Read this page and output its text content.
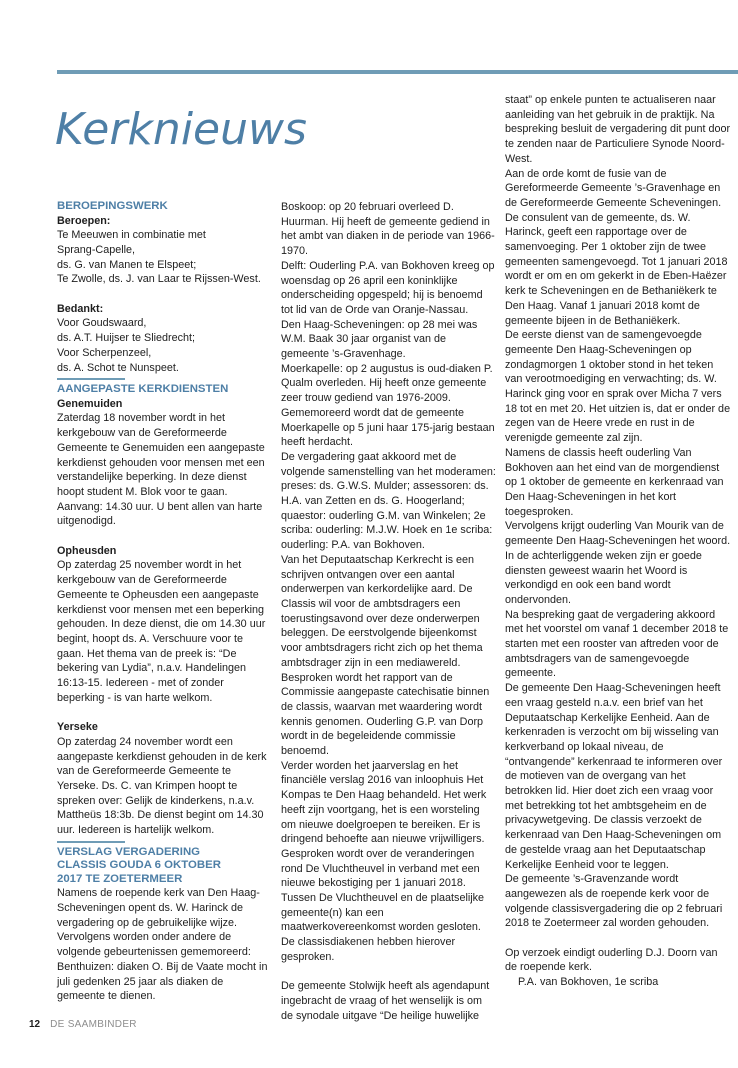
Kerknieuws

BEROEPINGSWERK

Beroepen:

Te Meeuwen in combinatie met

Sprang-Capelle,

ds. G. van Manen te Elspeet;

Te Zwolle, ds. J. van Laar te Rijssen-West.

Bedankt:

Voor Goudswaard,

ds. A.T. Huijser te Sliedrecht;

Voor Scherpenzeel,

ds. A. Schot te Nunspeet.

AANGEPASTE KERKDIENSTEN

Genemuiden

Zaterdag 18 november wordt in het kerkgebouw van de Gereformeerde Gemeente te Genemuiden een aangepaste kerkdienst gehouden voor mensen met een verstandelijke beperking. In deze dienst hoopt student M. Blok voor te gaan. Aanvang: 14.30 uur. U bent allen van harte uitgenodigd.

Opheusden

Op zaterdag 25 november wordt in het kerkgebouw van de Gereformeerde Gemeente te Opheusden een aangepaste kerkdienst voor mensen met een beperking gehouden. In deze dienst, die om 14.30 uur begint, hoopt ds. A. Verschuure voor te gaan. Het thema van de preek is: “De bekering van Lydia”, n.a.v. Handelingen 16:13-15. Iedereen - met of zonder beperking - is van harte welkom.

Yerseke

Op zaterdag 24 november wordt een aangepaste kerkdienst gehouden in de kerk van de Gereformeerde Gemeente te Yerseke. Ds. C. van Krimpen hoopt te spreken over: Gelijk de kinderkens, n.a.v. Mattheüs 18:3b. De dienst begint om 14.30 uur. Iedereen is hartelijk welkom.

VERSLAG VERGADERING

CLASSIS GOUDA 6 OKTOBER

2017 TE ZOETERMEER

Namens de roepende kerk van Den Haag-Scheveningen opent ds. W. Harinck de vergadering op de gebruikelijke wijze. Vervolgens worden onder andere de volgende gebeurtenissen gememoreerd:

Benthuizen: diaken O. Bij de Vaate mocht in juli gedenken 25 jaar als diaken de gemeente te dienen.

Boskoop: op 20 februari overleed D. Huurman. Hij heeft de gemeente gediend in het ambt van diaken in de periode van 1966-1970.

Delft: Ouderling P.A. van Bokhoven kreeg op woensdag op 26 april een koninklijke onderscheiding opgespeld; hij is benoemd tot lid van de Orde van Oranje-Nassau.

Den Haag-Scheveningen: op 28 mei was W.M. Baak 30 jaar organist van de gemeente ’s-Gravenhage.

Moerkapelle: op 2 augustus is oud-diaken P. Qualm overleden. Hij heeft onze gemeente zeer trouw gediend van 1976-2009.

Gememoreerd wordt dat de gemeente Moerkapelle op 5 juni haar 175-jarig bestaan heeft herdacht.

De vergadering gaat akkoord met de volgende samenstelling van het moderamen: preses: ds. G.W.S. Mulder; assessoren: ds. H.A. van Zetten en ds. G. Hoogerland; quaestor: ouderling G.M. van Winkelen; 2e scriba: ouderling: M.J.W. Hoek en 1e scriba: ouderling: P.A. van Bokhoven.

Van het Deputaatschap Kerkrecht is een schrijven ontvangen over een aantal onderwerpen van kerkordelijke aard. De Classis wil voor de ambtsdragers een toerustingsavond over deze onderwerpen beleggen. De eerstvolgende bijeenkomst voor ambtsdragers richt zich op het thema ambtsdrager zijn in een mediawereld.

Besproken wordt het rapport van de Commissie aangepaste catechisatie binnen de classis, waarvan met waardering wordt kennis genomen. Ouderling G.P. van Dorp wordt in de begeleidende commissie benoemd.

Verder worden het jaarverslag en het financiële verslag 2016 van inloophuis Het Kompas te Den Haag behandeld. Het werk heeft zijn voortgang, het is een worsteling om nieuwe doelgroepen te bereiken. Er is dringend behoefte aan nieuwe vrijwilligers.

Gesproken wordt over de veranderingen rond De Vluchtheuvel in verband met een nieuwe bekostiging per 1 januari 2018. Tussen De Vluchtheuvel en de plaatselijke gemeente(n) kan een maatwerkovereenkomst worden gesloten. De classisdiakenen hebben hierover gesproken.

De gemeente Stolwijk heeft als agendapunt ingebracht de vraag of het wenselijk is om de synodale uitgave “De heilige huwelijke

staat” op enkele punten te actualiseren naar aanleiding van het gebruik in de praktijk. Na bespreking besluit de vergadering dit punt door te zenden naar de Particuliere Synode Noord-West.

Aan de orde komt de fusie van de Gereformeerde Gemeente ’s-Gravenhage en de Gereformeerde Gemeente Scheveningen. De consulent van de gemeente, ds. W. Harinck, geeft een rapportage over de samenvoeging. Per 1 oktober zijn de twee gemeenten samengevoegd. Tot 1 januari 2018 wordt er om en om gekerkt in de Eben-Haëzer kerk te Scheveningen en de Bethaniëkerk te Den Haag. Vanaf 1 januari 2018 komt de gemeente bijeen in de Bethaniëkerk.

De eerste dienst van de samengevoegde gemeente Den Haag-Scheveningen op zondagmorgen 1 oktober stond in het teken van verootmoediging en verwachting; ds. W. Harinck ging voor en sprak over Micha 7 vers 18 tot en met 20. Het uitzien is, dat er onder de zegen van de Heere vrede en rust in de verenigde gemeente zal zijn.

Namens de classis heeft ouderling Van Bokhoven aan het eind van de morgendienst op 1 oktober de gemeente en kerkenraad van Den Haag-Scheveningen in het kort toegesproken.

Vervolgens krijgt ouderling Van Mourik van de gemeente Den Haag-Scheveningen het woord. In de achterliggende weken zijn er goede diensten geweest waarin het Woord is verkondigd en ook een band wordt ondervonden.

Na bespreking gaat de vergadering akkoord met het voorstel om vanaf 1 december 2018 te starten met een rooster van aftreden voor de ambtsdragers van de samengevoegde gemeente.

De gemeente Den Haag-Scheveningen heeft een vraag gesteld n.a.v. een brief van het Deputaatschap Kerkelijke Eenheid. Aan de kerkenraden is verzocht om bij wisseling van kerkverband op lokaal niveau, de “ontvangende” kerkenraad te informeren over de motieven van de overgang van het betrokken lid. Hier doet zich een vraag voor met betrekking tot het ambtsgeheim en de privacywetgeving. De classis verzoekt de kerkenraad van Den Haag-Scheveningen om de gestelde vraag aan het Deputaatschap Kerkelijke Eenheid voor te leggen.

De gemeente ’s-Gravenzande wordt aangewezen als de roepende kerk voor de volgende classisvergadering die op 2 februari 2018 te Zoetermeer zal worden gehouden.

Op verzoek eindigt ouderling D.J. Doorn van de roepende kerk.

P.A. van Bokhoven, 1e scriba

12 DE SAAMBINDER
